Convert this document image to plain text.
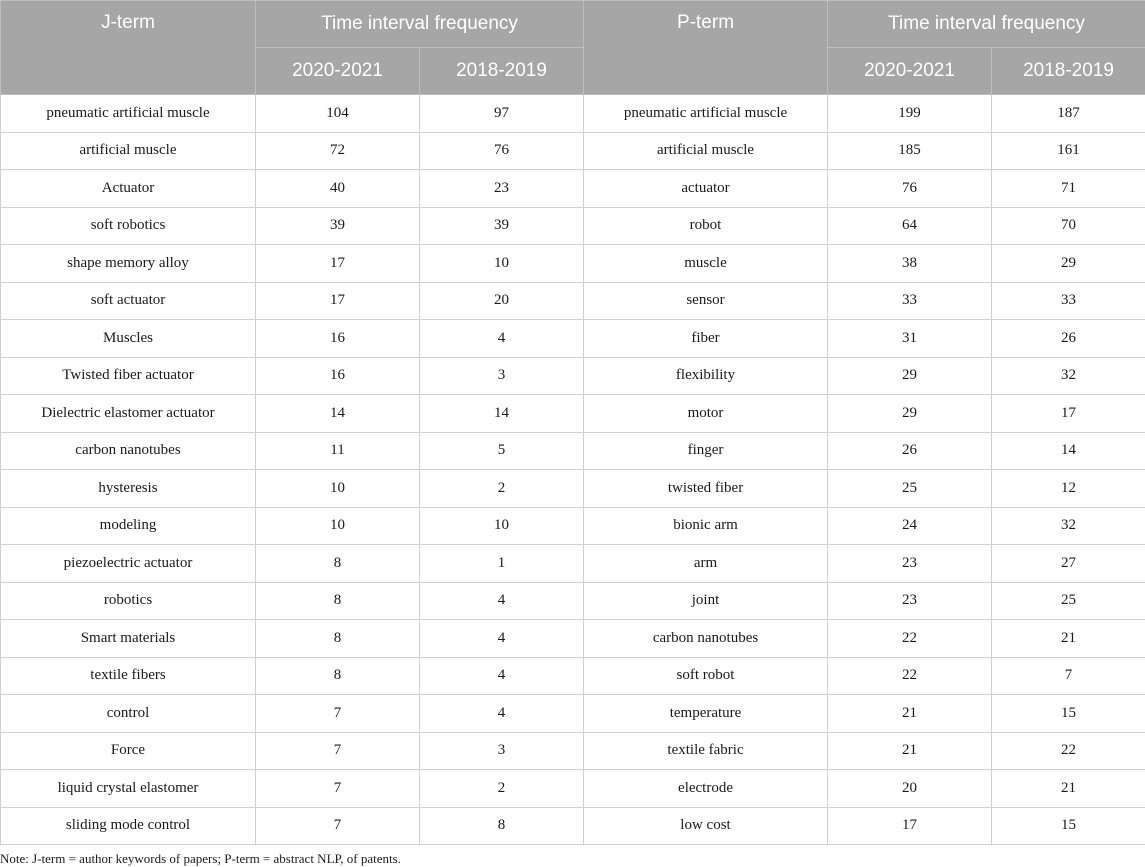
J-term	Time interval frequency		P-term	Time interval frequency	
	2020-2021	2018-2019		2020-2021	2018-2019
pneumatic artificial muscle	104	97	pneumatic artificial muscle	199	187
artificial muscle	72	76	artificial muscle	185	161
Actuator	40	23	actuator	76	71
soft robotics	39	39	robot	64	70
shape memory alloy	17	10	muscle	38	29
soft actuator	17	20	sensor	33	33
Muscles	16	4	fiber	31	26
Twisted fiber actuator	16	3	flexibility	29	32
Dielectric elastomer actuator	14	14	motor	29	17
carbon nanotubes	11	5	finger	26	14
hysteresis	10	2	twisted fiber	25	12
modeling	10	10	bionic arm	24	32
piezoelectric actuator	8	1	arm	23	27
robotics	8	4	joint	23	25
Smart materials	8	4	carbon nanotubes	22	21
textile fibers	8	4	soft robot	22	7
control	7	4	temperature	21	15
Force	7	3	textile fabric	21	22
liquid crystal elastomer	7	2	electrode	20	21
sliding mode control	7	8	low cost	17	15
Note: J-term = author keywords of papers; P-term = abstract NLP, of patents.
